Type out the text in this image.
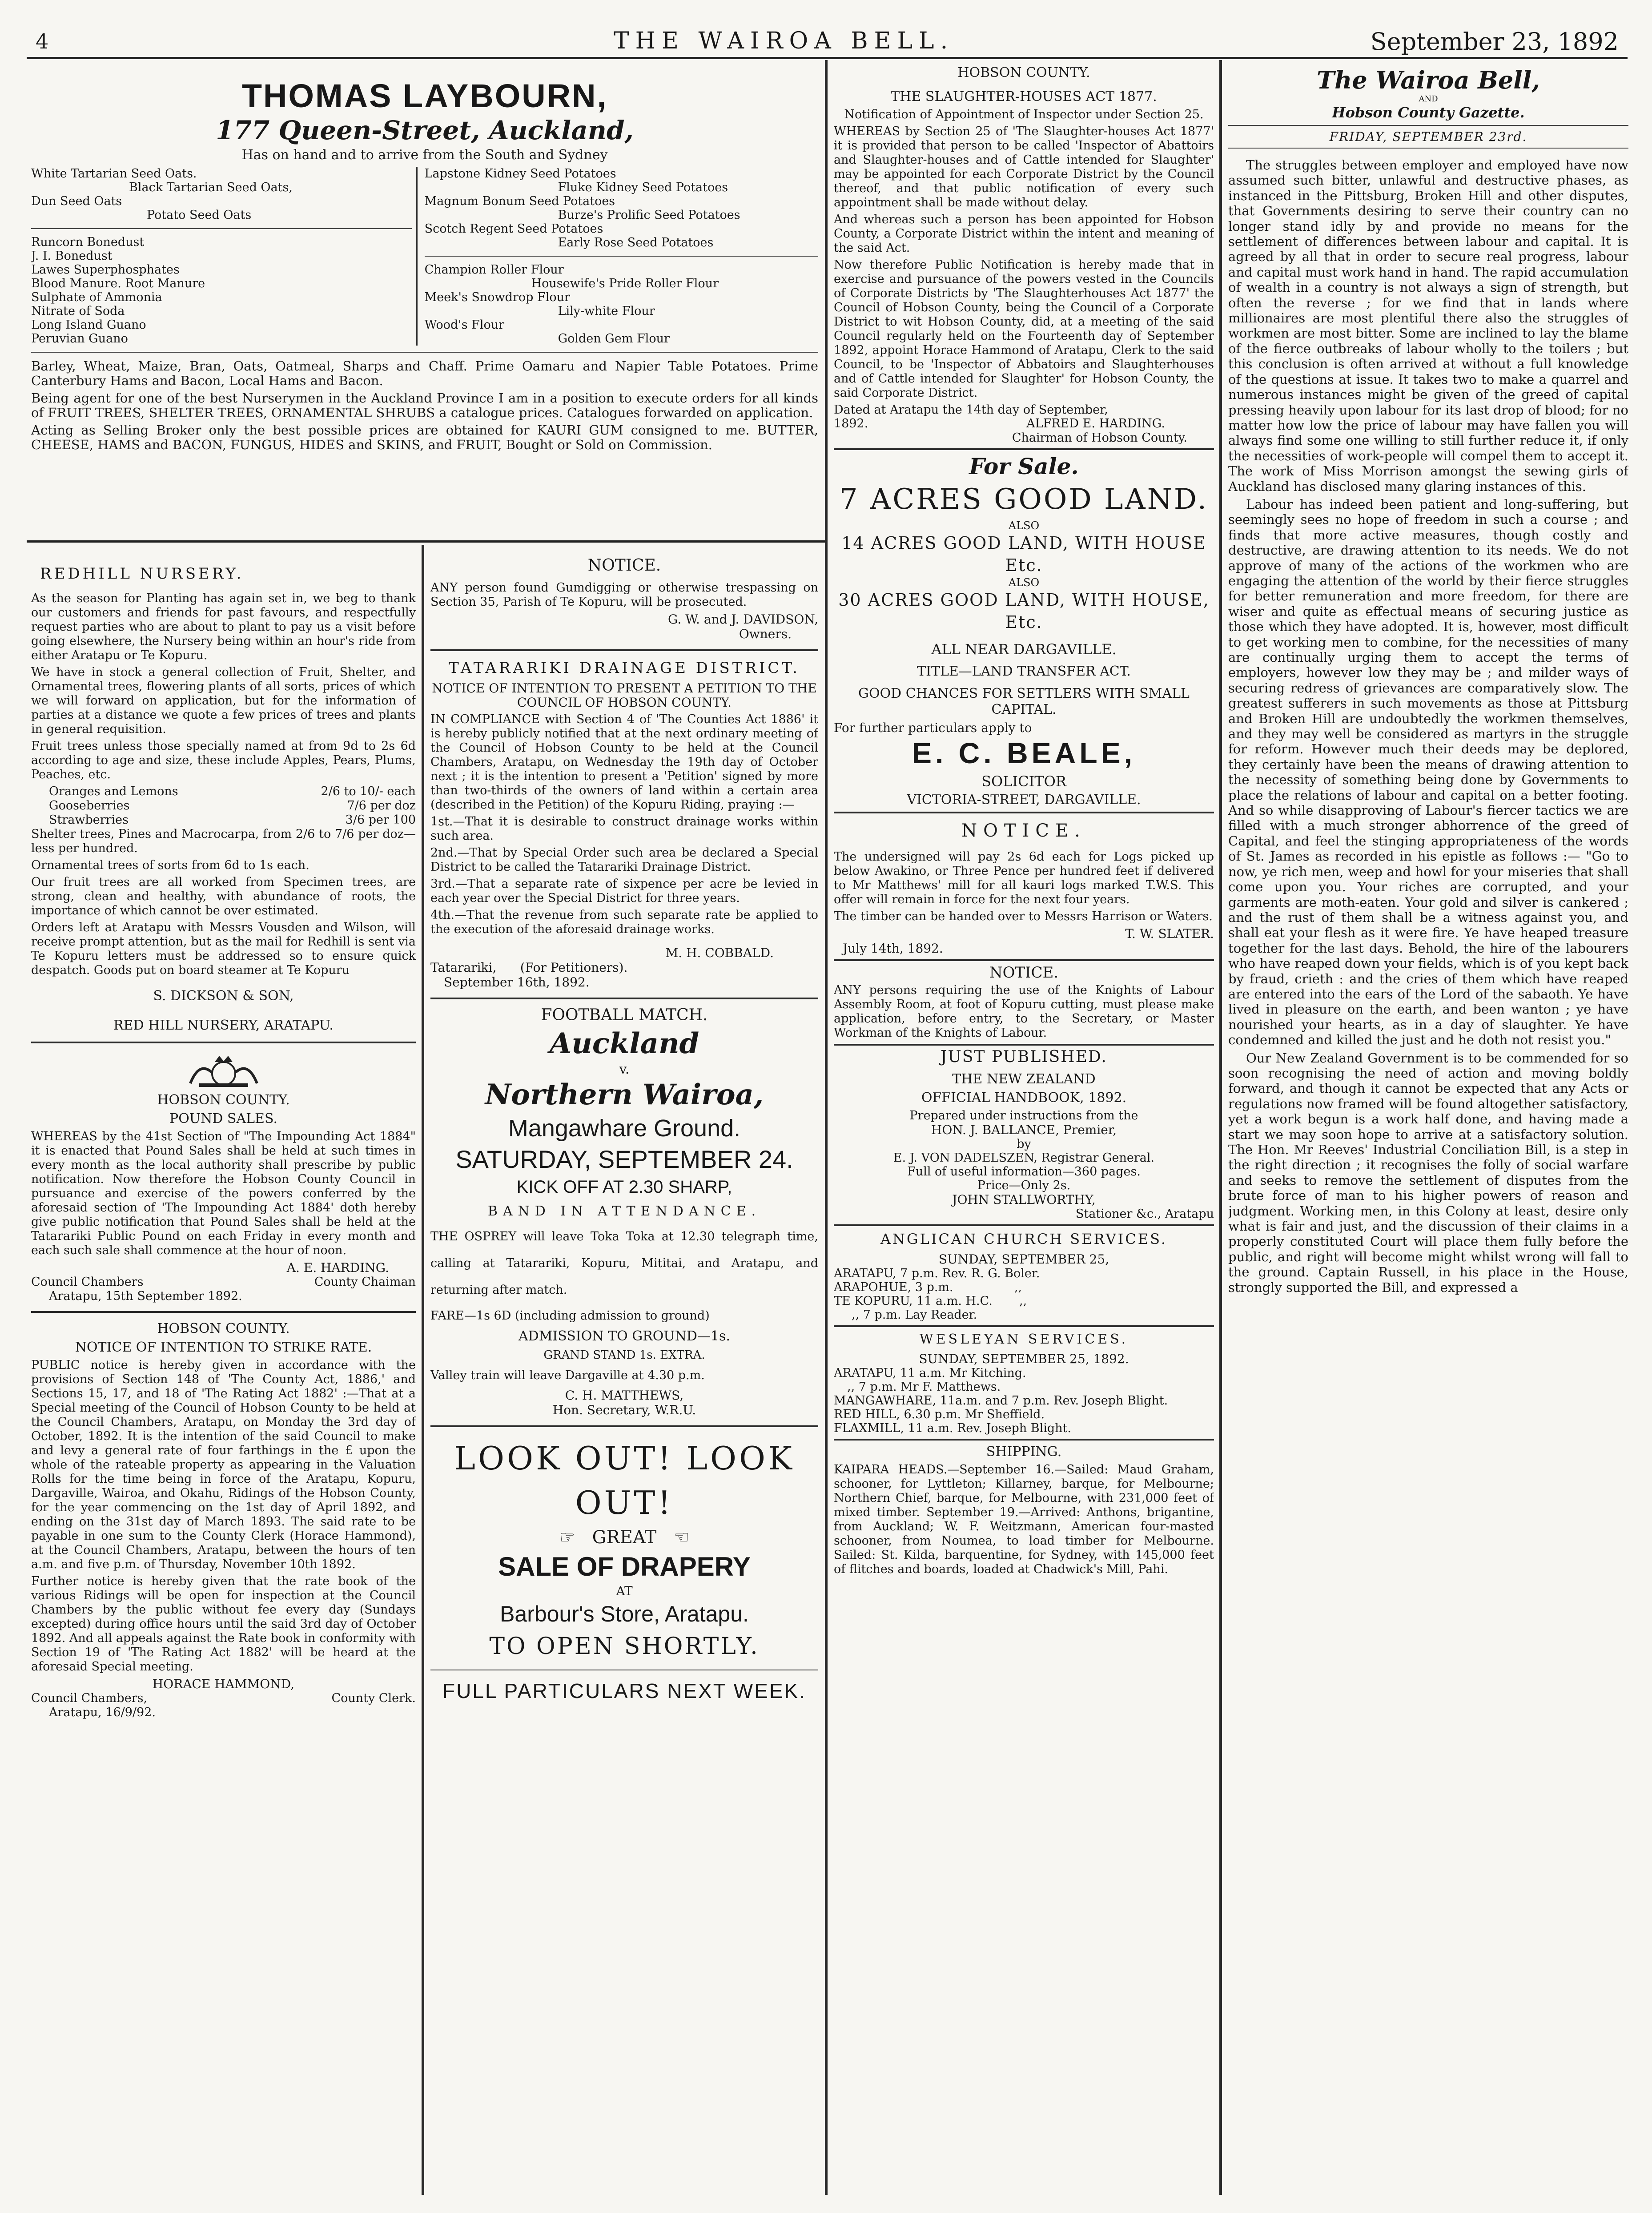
4	THE WAIROA BELL.	September 23, 1892
THOMAS LAYBOURN,
177 Queen-Street, Auckland,
Has on hand and to arrive from the South and Sydney
White Tartarian Seed Oats.
Black Tartarian Seed Oats,
Dun Seed Oats
Potato Seed Oats
Runcorn Bonedust
J. I. Bonedust
Lawes Superphosphates
Blood Manure. Root Manure
Sulphate of Ammonia
Nitrate of Soda
Long Island Guano
Peruvian Guano
Lapstone Kidney Seed Potatoes
Fluke Kidney Seed Potatoes
Magnum Bonum Seed Potatoes
Burze's Prolific Seed Potatoes
Scotch Regent Seed Potatoes
Early Rose Seed Potatoes
Champion Roller Flour
Housewife's Pride Roller Flour
Meek's Snowdrop Flour
Lily-white Flour
Wood's Flour
Golden Gem Flour

Barley, Wheat, Maize, Bran, Oats, Oatmeal, Sharps and Chaff. Prime Oamaru and Napier Table Potatoes. Prime Canterbury Hams and Bacon, Local Hams and Bacon.

Being agent for one of the best Nurserymen in the Auckland Province I am in a position to execute orders for all kinds of FRUIT TREES, SHELTER TREES, ORNAMENTAL SHRUBS a catalogue prices. Catalogues forwarded on application.

Acting as Selling Broker only the best possible prices are obtained for KAURI GUM consigned to me. BUTTER, CHEESE, HAMS and BACON, FUNGUS, HIDES and SKINS, and FRUIT, Bought or Sold on Commission.

REDHILL NURSERY.

As the season for Planting has again set in, we beg to thank our customers and friends for past favours, and respectfully request parties who are about to plant to pay us a visit before going elsewhere, the Nursery being within an hour's ride from either Aratapu or Te Kopuru.

We have in stock a general collection of Fruit, Shelter, and Ornamental trees, flowering plants of all sorts, prices of which we will forward on application, but for the information of parties at a distance we quote a few prices of trees and plants in general requisition.

Fruit trees unless those specially named at from 9d to 2s 6d according to age and size, these include Apples, Pears, Plums, Peaches, etc.

Oranges and Lemons	2/6 to 10/- each
Gooseberries	7/6 per doz
Strawberries	3/6 per 100

Shelter trees, Pines and Macrocarpa, from 2/6 to 7/6 per doz—less per hundred.

Ornamental trees of sorts from 6d to 1s each.

Our fruit trees are all worked from Specimen trees, are strong, clean and healthy, with abundance of roots, the importance of which cannot be over estimated.

Orders left at Aratapu with Messrs Vousden and Wilson, will receive prompt attention, but as the mail for Redhill is sent via Te Kopuru letters must be addressed so to ensure quick despatch. Goods put on board steamer at Te Kopuru

S. DICKSON & SON,
RED HILL NURSERY, ARATAPU.
HOBSON COUNTY.
POUND SALES.

WHEREAS by the 41st Section of "The Impounding Act 1884" it is enacted that Pound Sales shall be held at such times in every month as the local authority shall prescribe by public notification. Now therefore the Hobson County Council in pursuance and exercise of the powers conferred by the aforesaid section of 'The Impounding Act 1884' doth hereby give public notification that Pound Sales shall be held at the Tatarariki Public Pound on each Friday in every month and each such sale shall commence at the hour of noon.

A. E. HARDING.
Council Chambers	County Chaiman
Aratapu, 15th September 1892.
HOBSON COUNTY.
NOTICE OF INTENTION TO STRIKE RATE.

PUBLIC notice is hereby given in accordance with the provisions of Section 148 of 'The County Act, 1886,' and Sections 15, 17, and 18 of 'The Rating Act 1882' :—That at a Special meeting of the Council of Hobson County to be held at the Council Chambers, Aratapu, on Monday the 3rd day of October, 1892. It is the intention of the said Council to make and levy a general rate of four farthings in the £ upon the whole of the rateable property as appearing in the Valuation Rolls for the time being in force of the Aratapu, Kopuru, Dargaville, Wairoa, and Okahu, Ridings of the Hobson County, for the year commencing on the 1st day of April 1892, and ending on the 31st day of March 1893. The said rate to be payable in one sum to the County Clerk (Horace Hammond), at the Council Chambers, Aratapu, between the hours of ten a.m. and five p.m. of Thursday, November 10th 1892.

Further notice is hereby given that the rate book of the various Ridings will be open for inspection at the Council Chambers by the public without fee every day (Sundays excepted) during office hours until the said 3rd day of October 1892. And all appeals against the Rate book in conformity with Section 19 of 'The Rating Act 1882' will be heard at the aforesaid Special meeting.

HORACE HAMMOND,
Council Chambers,	County Clerk.
Aratapu, 16/9/92.
NOTICE.

ANY person found Gumdigging or otherwise trespassing on Section 35, Parish of Te Kopuru, will be prosecuted.

G. W. and J. DAVIDSON,
Owners.
TATARARIKI DRAINAGE DISTRICT.
NOTICE OF INTENTION TO PRESENT A PETITION TO THE COUNCIL OF HOBSON COUNTY.

IN COMPLIANCE with Section 4 of 'The Counties Act 1886' it is hereby publicly notified that at the next ordinary meeting of the Council of Hobson County to be held at the Council Chambers, Aratapu, on Wednesday the 19th day of October next ; it is the intention to present a 'Petition' signed by more than two-thirds of the owners of land within a certain area (described in the Petition) of the Kopuru Riding, praying :—

1st.—That it is desirable to construct drainage works within such area.

2nd.—That by Special Order such area be declared a Special District to be called the Tatarariki Drainage District.

3rd.—That a separate rate of sixpence per acre be levied in each year over the Special District for three years.

4th.—That the revenue from such separate rate be applied to the execution of the aforesaid drainage works.

M. H. COBBALD.
Tatarariki, (For Petitioners).
September 16th, 1892.
FOOTBALL MATCH.
Auckland
v.
Northern Wairoa,
Mangawhare Ground.
SATURDAY, SEPTEMBER 24.
KICK OFF AT 2.30 SHARP,
BAND IN ATTENDANCE.

THE OSPREY will leave Toka Toka at 12.30 telegraph time, calling at Tatarariki, Kopuru, Mititai, and Aratapu, and returning after match.

FARE—1s 6D (including admission to ground)

ADMISSION TO GROUND—1s.
GRAND STAND 1s. EXTRA.

Valley train will leave Dargaville at 4.30 p.m.

C. H. MATTHEWS,
Hon. Secretary, W.R.U.
LOOK OUT! LOOK OUT!
☞ GREAT ☜
SALE OF DRAPERY
AT
Barbour's Store, Aratapu.
TO OPEN SHORTLY.
FULL PARTICULARS NEXT WEEK.
HOBSON COUNTY.
THE SLAUGHTER-HOUSES ACT 1877.
Notification of Appointment of Inspector under Section 25.

WHEREAS by Section 25 of 'The Slaughter-houses Act 1877' it is provided that person to be called 'Inspector of Abattoirs and Slaughter-houses and of Cattle intended for Slaughter' may be appointed for each Corporate District by the Council thereof, and that public notification of every such appointment shall be made without delay.

And whereas such a person has been appointed for Hobson County, a Corporate District within the intent and meaning of the said Act.

Now therefore Public Notification is hereby made that in exercise and pursuance of the powers vested in the Councils of Corporate Districts by 'The Slaughterhouses Act 1877' the Council of Hobson County, being the Council of a Corporate District to wit Hobson County, did, at a meeting of the said Council regularly held on the Fourteenth day of September 1892, appoint Horace Hammond of Aratapu, Clerk to the said Council, to be 'Inspector of Abbatoirs and Slaughterhouses and of Cattle intended for Slaughter' for Hobson County, the said Corporate District.

Dated at Aratapu the 14th day of September,
1892.	ALFRED E. HARDING.
Chairman of Hobson County.
For Sale.
7 ACRES GOOD LAND.
ALSO
14 ACRES GOOD LAND, WITH HOUSE Etc.
ALSO
30 ACRES GOOD LAND, WITH HOUSE, Etc.
ALL NEAR DARGAVILLE.
TITLE—LAND TRANSFER ACT.
GOOD CHANCES FOR SETTLERS WITH SMALL CAPITAL.
For further particulars apply to
E. C. BEALE,
SOLICITOR
VICTORIA-STREET, DARGAVILLE.
NOTICE.

The undersigned will pay 2s 6d each for Logs picked up below Awakino, or Three Pence per hundred feet if delivered to Mr Matthews' mill for all kauri logs marked T.W.S. This offer will remain in force for the next four years.

The timber can be handed over to Messrs Harrison or Waters.

T. W. SLATER.
July 14th, 1892.
NOTICE.

ANY persons requiring the use of the Knights of Labour Assembly Room, at foot of Kopuru cutting, must please make application, before entry, to the Secretary, or Master Workman of the Knights of Labour.

JUST PUBLISHED.
THE NEW ZEALAND
OFFICIAL HANDBOOK, 1892.
Prepared under instructions from the
HON. J. BALLANCE, Premier,
by
E. J. VON DADELSZEN, Registrar General.
Full of useful information—360 pages.
Price—Only 2s.
JOHN STALLWORTHY,
Stationer &c., Aratapu
ANGLICAN CHURCH SERVICES.
SUNDAY, SEPTEMBER 25,
ARATAPU, 7 p.m. Rev. R. G. Boler.
ARAPOHUE, 3 p.m.	,,
TE KOPURU, 11 a.m. H.C. ,,
,, 7 p.m. Lay Reader.
WESLEYAN SERVICES.
SUNDAY, SEPTEMBER 25, 1892.
ARATAPU, 11 a.m. Mr Kitching.
,, 7 p.m. Mr F. Matthews.
MANGAWHARE, 11a.m. and 7 p.m. Rev. Joseph Blight.
RED HILL, 6.30 p.m. Mr Sheffield.
FLAXMILL, 11 a.m. Rev. Joseph Blight.
SHIPPING.

KAIPARA HEADS.—September 16.—Sailed: Maud Graham, schooner, for Lyttleton; Killarney, barque, for Melbourne; Northern Chief, barque, for Melbourne, with 231,000 feet of mixed timber. September 19.—Arrived: Anthons, brigantine, from Auckland; W. F. Weitzmann, American four-masted schooner, from Noumea, to load timber for Melbourne. Sailed: St. Kilda, barquentine, for Sydney, with 145,000 feet of flitches and boards, loaded at Chadwick's Mill, Pahi.

The Wairoa Bell,
AND
Hobson County Gazette.
FRIDAY, SEPTEMBER 23rd.

The struggles between employer and employed have now assumed such bitter, unlawful and destructive phases, as instanced in the Pittsburg, Broken Hill and other disputes, that Governments desiring to serve their country can no longer stand idly by and provide no means for the settlement of differences between labour and capital. It is agreed by all that in order to secure real progress, labour and capital must work hand in hand. The rapid accumulation of wealth in a country is not always a sign of strength, but often the reverse ; for we find that in lands where millionaires are most plentiful there also the struggles of workmen are most bitter. Some are inclined to lay the blame of the fierce outbreaks of labour wholly to the toilers ; but this conclusion is often arrived at without a full knowledge of the questions at issue. It takes two to make a quarrel and numerous instances might be given of the greed of capital pressing heavily upon labour for its last drop of blood; for no matter how low the price of labour may have fallen you will always find some one willing to still further reduce it, if only the necessities of work-people will compel them to accept it. The work of Miss Morrison amongst the sewing girls of Auckland has disclosed many glaring instances of this.

Labour has indeed been patient and long-suffering, but seemingly sees no hope of freedom in such a course ; and finds that more active measures, though costly and destructive, are drawing attention to its needs. We do not approve of many of the actions of the workmen who are engaging the attention of the world by their fierce struggles for better remuneration and more freedom, for there are wiser and quite as effectual means of securing justice as those which they have adopted. It is, however, most difficult to get working men to combine, for the necessities of many are continually urging them to accept the terms of employers, however low they may be ; and milder ways of securing redress of grievances are comparatively slow. The greatest sufferers in such movements as those at Pittsburg and Broken Hill are undoubtedly the workmen themselves, and they may well be considered as martyrs in the struggle for reform. However much their deeds may be deplored, they certainly have been the means of drawing attention to the necessity of something being done by Governments to place the relations of labour and capital on a better footing. And so while disapproving of Labour's fiercer tactics we are filled with a much stronger abhorrence of the greed of Capital, and feel the stinging appropriateness of the words of St. James as recorded in his epistle as follows :— "Go to now, ye rich men, weep and howl for your miseries that shall come upon you. Your riches are corrupted, and your garments are moth-eaten. Your gold and silver is cankered ; and the rust of them shall be a witness against you, and shall eat your flesh as it were fire. Ye have heaped treasure together for the last days. Behold, the hire of the labourers who have reaped down your fields, which is of you kept back by fraud, crieth : and the cries of them which have reaped are entered into the ears of the Lord of the sabaoth. Ye have lived in pleasure on the earth, and been wanton ; ye have nourished your hearts, as in a day of slaughter. Ye have condemned and killed the just and he doth not resist you."

Our New Zealand Government is to be commended for so soon recognising the need of action and moving boldly forward, and though it cannot be expected that any Acts or regulations now framed will be found altogether satisfactory, yet a work begun is a work half done, and having made a start we may soon hope to arrive at a satisfactory solution. The Hon. Mr Reeves' Industrial Conciliation Bill, is a step in the right direction ; it recognises the folly of social warfare and seeks to remove the settlement of disputes from the brute force of man to his higher powers of reason and judgment. Working men, in this Colony at least, desire only what is fair and just, and the discussion of their claims in a properly constituted Court will place them fully before the public, and right will become might whilst wrong will fall to the ground. Captain Russell, in his place in the House, strongly supported the Bill, and expressed a
